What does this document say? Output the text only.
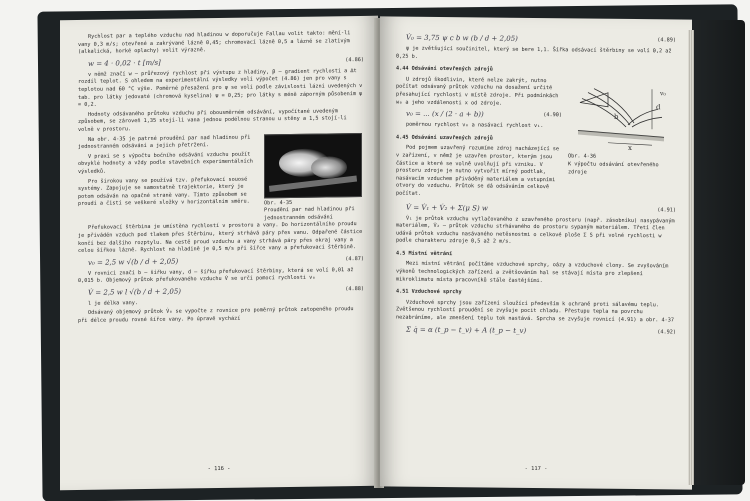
Rychlost par a teplého vzduchu nad hladinou w doporučuje Fallau volit takto: mění-li vany 0,3 m/s; otevřené a zakrývané lázně 0,45; chromovací lázně 0,5 a lázně se zlativým (alkalická, horké oplachy) volit výrazně.

w = 4 · 0,02 · t [m/s]	(4.86)

v němž značí w – průřezový rychlost při výstupu z hladiny, β – gradient rychlosti a ∆t rozdíl teplot. S ohledem na experimentální výsledky volí výpočet (4.86) jen pro vany s teplotou nad 60 °C výše. Poměrné přesažení pro ψ se volí podle závislosti lázní uvedených v tab. pro látky jedovaté (chromová kyselina) ψ = 0,25; pro látky s méně záporným působením ψ = 0,2.

Hodnoty odsávaného průtoku vzduchu při obousměrném odsávání, vypočítané uvedeným způsobem, se zároveň 1,35 stojí-li vana jednou podélnou stranou u stěny a 1,5 stojí-li volně v prostoru.

Na obr. 4-35 je patrné proudění par nad hladinou při jednostranném odsávání a jejich přetržení.

V praxi se s výpočtu bočního odsávání vzduchu použít obvyklé hodnoty a vždy podle stavebních experimentálních výsledků.

Pro širokou vany se používá tzv. přefukovací souosé systémy. Zapojuje se samostatně trajektorie, který je potom odsáván na opačné straně vany. Tímto způsobem se proudí a čistí se veškeré složky v horizontálním směru.	Obr. 4-35
Proudění par nad hladinou při jednostranném odsávání

Přefukovací štěrbina je umístěna rychlostí v prostoru a vany. Do horizontálního proudu je přiváděn vzduch pod tlakem přes štěrbinu, který strhává páry přes vanu. Odpařené částice končí bez dalšího rozptylu. Na cestě proud vzduchu a vany strhává páry přes okraj vany a celou šířkou lázně. Rychlost na hladině je 0,5 m/s při šířce vany a přefukovací štěrbině.

v₀ = 2,5 w √(b / d + 2,05)	(4.87)

V rovnici značí b – šířku vany, d – šířku přefukovací štěrbiny, která se volí 0,01 až 0,015 b. Objemový průtok přefukovaného vzduchu V̇ se určí pomocí rychlosti v₀

V̇ = 2,5 w l √(b / d + 2,05)	(4.88)

l je délka vany.

Odsávaný objemový průtok V̇₀ se vypočte z rovnice pro poměrný průtok zatopeného proudu při délce proudu rovné šířce vany. Po úpravě vychází

- 116 -
V̇₀ = 3,75 ψ c b w (b / d + 2,05)	(4.89)

ψ je zvětšující součinitel, který se bere 1,1. Šířka odsávací štěrbiny se volí 0,2 až 0,25 b.

4.44 Odsávání otevřených zdrojů

U zdrojů škodlivin, které nelze zakrýt, nutno počítat odsávaný průtok vzduchu na dosažení určité přesahující rychlosti v místě zdroje. Při podmínkách w₀ a jeho vzdálenosti x od zdroje.

v₀ = ... (x / (2 · a + b))	(4.90)

poměrnou rychlost v₀ a nasávací rychlost v₁.

4.45 Odsávání uzavřených zdrojů

Pod pojmem uzavřený rozumíme zdroj nacházející se v zařízení, v němž je uzavřen prostor, kterým jsou částice a které se volně uvolňují při vzniku. V prostoru zdroje je nutno vytvořit mírný podtlak, nasávacím vzduchem přiváděný materiálem a vstupními otvory do vzduchu. Průtok se dá odsáváním celkově počítat.

d
x
b
v₀

Obr. 4-36
K výpočtu odsávání otevřeného zdroje

V̇ = V̇₁ + V̇₂ + Σ(μ S) w	(4.91)

V̇₁ je průtok vzduchu vytlačovaného z uzavřeného prostoru (např. zásobníku) nasypávaným materiálem, V̇₂ – průtok vzduchu strhávaného do prostoru sypaným materiálem. Třetí člen udává průtok vzduchu nasávaného netěsnostmi o celkové ploše Σ S při volné rychlosti w podle charakteru zdroje 0,5 až 2 m/s.

4.5 Místní větrání

Mezi místní větrání počítáme vzduchové sprchy, oázy a vzduchové clony. Se zvyšováním výkonů technologických zařízení a zvětšováním hal se stávají místa pro zlepšení mikroklimatu místa pracovníků stále častějšími.

4.51 Vzduchové sprchy

Vzduchové sprchy jsou zařízení sloužící především k ochraně proti sálavému teplu. Zvětšenou rychlostí proudění se zvyšuje pocit chladu. Přestupu tepla na povrchu nezabráníme, ale zmenšení teplu tok nastává. Sprcha se zvyšuje rovnicí (4.91) a obr. 4-37

Σ q̇ = α (t_p − t_v) + A (t_p − t_v)	(4.92)
- 117 -
